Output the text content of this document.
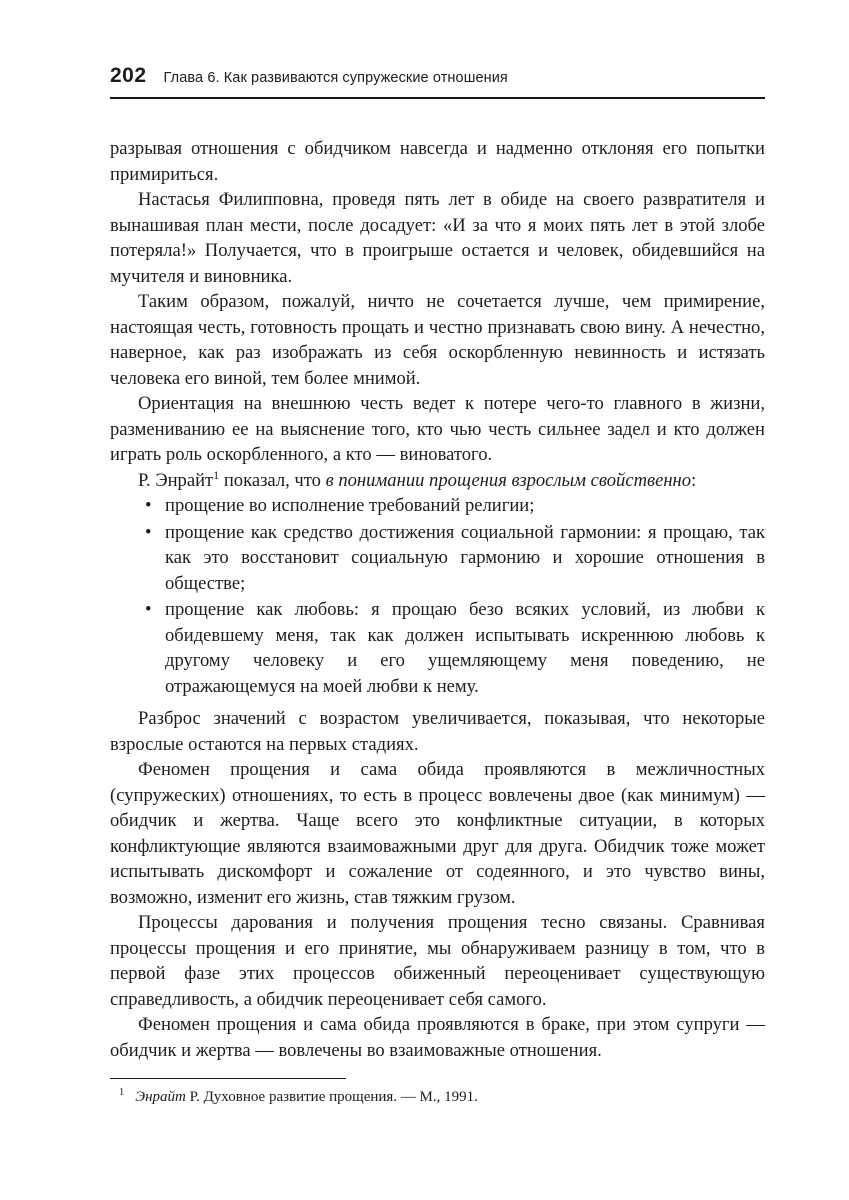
202 Глава 6. Как развиваются супружеские отношения

разрывая отношения с обидчиком навсегда и надменно отклоняя его попытки примириться.

Настасья Филипповна, проведя пять лет в обиде на своего развратителя и вынашивая план мести, после досадует: «И за что я моих пять лет в этой злобе потеряла!» Получается, что в проигрыше остается и человек, обидевшийся на мучителя и виновника.

Таким образом, пожалуй, ничто не сочетается лучше, чем примирение, настоящая честь, готовность прощать и честно признавать свою вину. А нечестно, наверное, как раз изображать из себя оскорбленную невинность и истязать человека его виной, тем более мнимой.

Ориентация на внешнюю честь ведет к потере чего-то главного в жизни, размениванию ее на выяснение того, кто чью честь сильнее задел и кто должен играть роль оскорбленного, а кто — виноватого.

Р. Энрайт$^1$ показал, что в понимании прощения взрослым свойственно:

• прощение во исполнение требований религии;
• прощение как средство достижения социальной гармонии: я прощаю, так как это восстановит социальную гармонию и хорошие отношения в обществе;
• прощение как любовь: я прощаю безо всяких условий, из любви к обидевшему меня, так как должен испытывать искреннюю любовь к другому человеку и его ущемляющему меня поведению, не отражающемуся на моей любви к нему.

Разброс значений с возрастом увеличивается, показывая, что некоторые взрослые остаются на первых стадиях.

Феномен прощения и сама обида проявляются в межличностных (супружеских) отношениях, то есть в процесс вовлечены двое (как минимум) — обидчик и жертва. Чаще всего это конфликтные ситуации, в которых конфликтующие являются взаимоважными друг для друга. Обидчик тоже может испытывать дискомфорт и сожаление от содеянного, и это чувство вины, возможно, изменит его жизнь, став тяжким грузом.

Процессы дарования и получения прощения тесно связаны. Сравнивая процессы прощения и его принятие, мы обнаруживаем разницу в том, что в первой фазе этих процессов обиженный переоценивает существующую справедливость, а обидчик переоценивает себя самого.

Феномен прощения и сама обида проявляются в браке, при этом супруги — обидчик и жертва — вовлечены во взаимоважные отношения.

$^1$ Энрайт Р. Духовное развитие прощения. — М., 1991.
